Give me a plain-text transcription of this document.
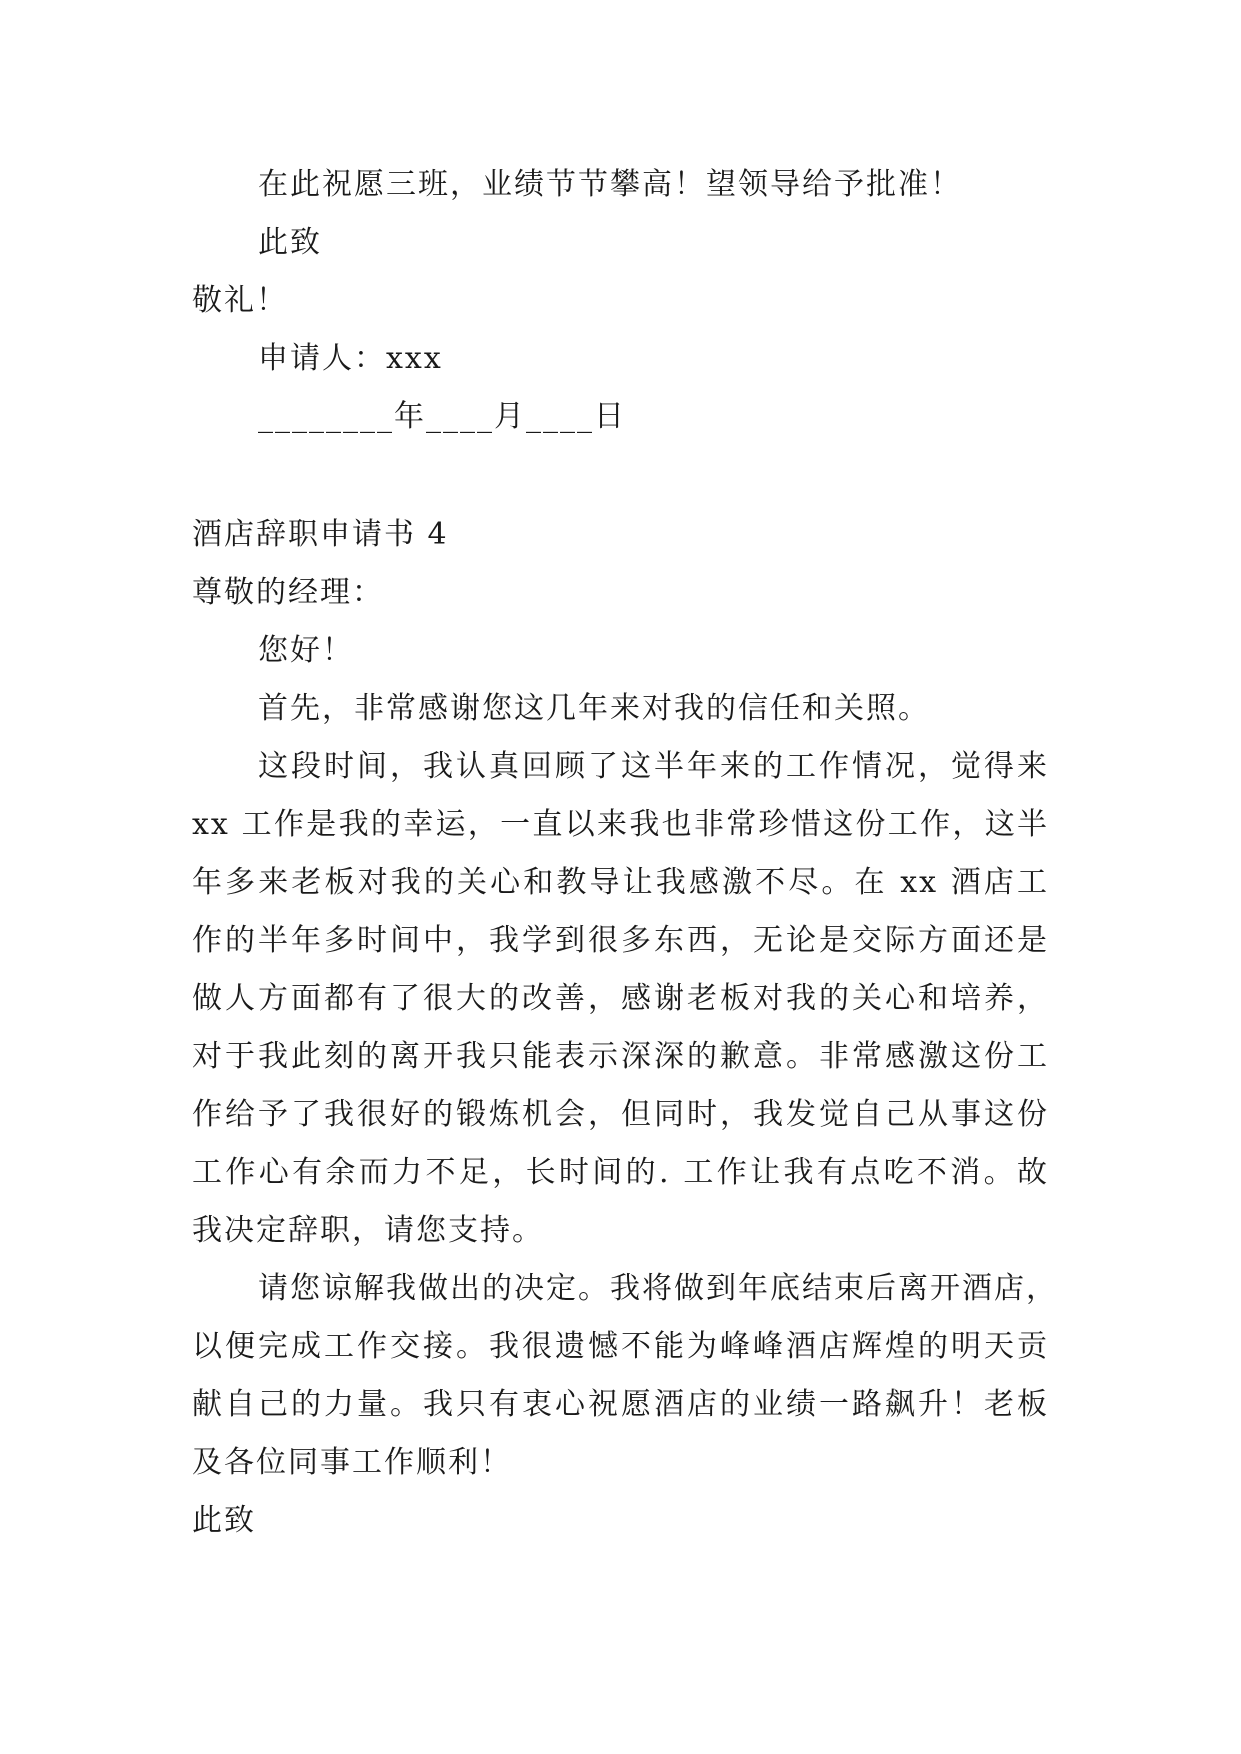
在此祝愿三班，业绩节节攀高！望领导给予批准！
此致
敬礼！
申请人：xxx
________年____月____日
酒店辞职申请书 4
尊敬的经理：
您好！
首先，非常感谢您这几年来对我的信任和关照。
这段时间，我认真回顾了这半年来的工作情况，觉得来
xx 工作是我的幸运，一直以来我也非常珍惜这份工作，这半
年多来老板对我的关心和教导让我感激不尽。在 xx 酒店工
作的半年多时间中，我学到很多东西，无论是交际方面还是
做人方面都有了很大的改善，感谢老板对我的关心和培养，
对于我此刻的离开我只能表示深深的歉意。非常感激这份工
作给予了我很好的锻炼机会，但同时，我发觉自己从事这份
工作心有余而力不足，长时间的. 工作让我有点吃不消。故
我决定辞职，请您支持。
请您谅解我做出的决定。我将做到年底结束后离开酒店，
以便完成工作交接。我很遗憾不能为峰峰酒店辉煌的明天贡
献自己的力量。我只有衷心祝愿酒店的业绩一路飙升！老板
及各位同事工作顺利！
此致
